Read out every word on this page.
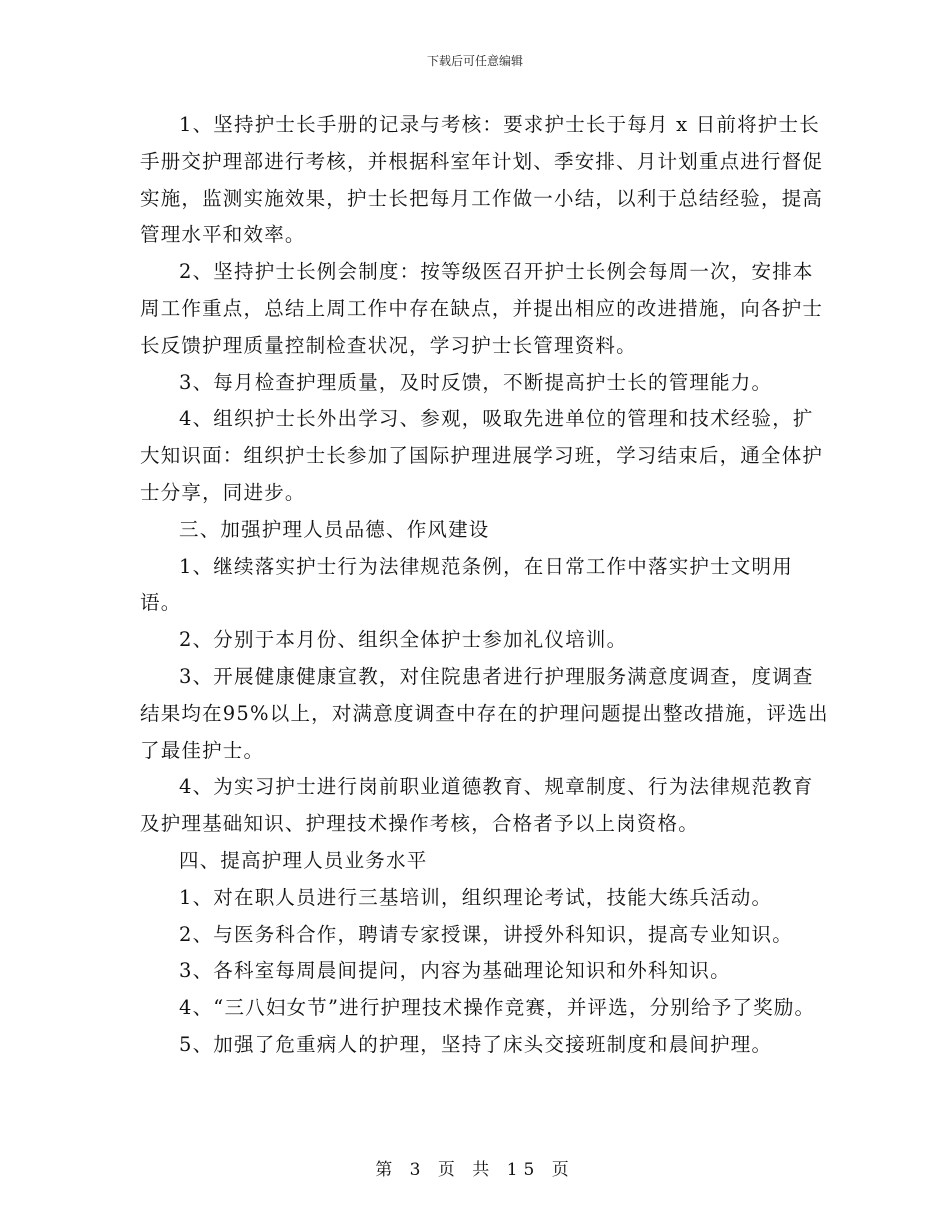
下载后可任意编辑

1、坚持护士长手册的记录与考核：要求护士长于每月 x 日前将护士长手册交护理部进行考核，并根据科室年计划、季安排、月计划重点进行督促实施，监测实施效果，护士长把每月工作做一小结，以利于总结经验，提高管理水平和效率。

2、坚持护士长例会制度：按等级医召开护士长例会每周一次，安排本周工作重点，总结上周工作中存在缺点，并提出相应的改进措施，向各护士长反馈护理质量控制检查状况，学习护士长管理资料。

3、每月检查护理质量，及时反馈，不断提高护士长的管理能力。

4、组织护士长外出学习、参观，吸取先进单位的管理和技术经验，扩大知识面：组织护士长参加了国际护理进展学习班，学习结束后，通全体护士分享，同进步。

三、加强护理人员品德、作风建设

1、继续落实护士行为法律规范条例，在日常工作中落实护士文明用语。

2、分别于本月份、组织全体护士参加礼仪培训。

3、开展健康健康宣教，对住院患者进行护理服务满意度调查，度调查结果均在95%以上，对满意度调查中存在的护理问题提出整改措施，评选出了最佳护士。

4、为实习护士进行岗前职业道德教育、规章制度、行为法律规范教育及护理基础知识、护理技术操作考核，合格者予以上岗资格。

四、提高护理人员业务水平

1、对在职人员进行三基培训，组织理论考试，技能大练兵活动。

2、与医务科合作，聘请专家授课，讲授外科知识，提高专业知识。

3、各科室每周晨间提问，内容为基础理论知识和外科知识。

4、“三八妇女节”进行护理技术操作竞赛，并评选，分别给予了奖励。

5、加强了危重病人的护理，坚持了床头交接班制度和晨间护理。

第 3 页 共 15 页
